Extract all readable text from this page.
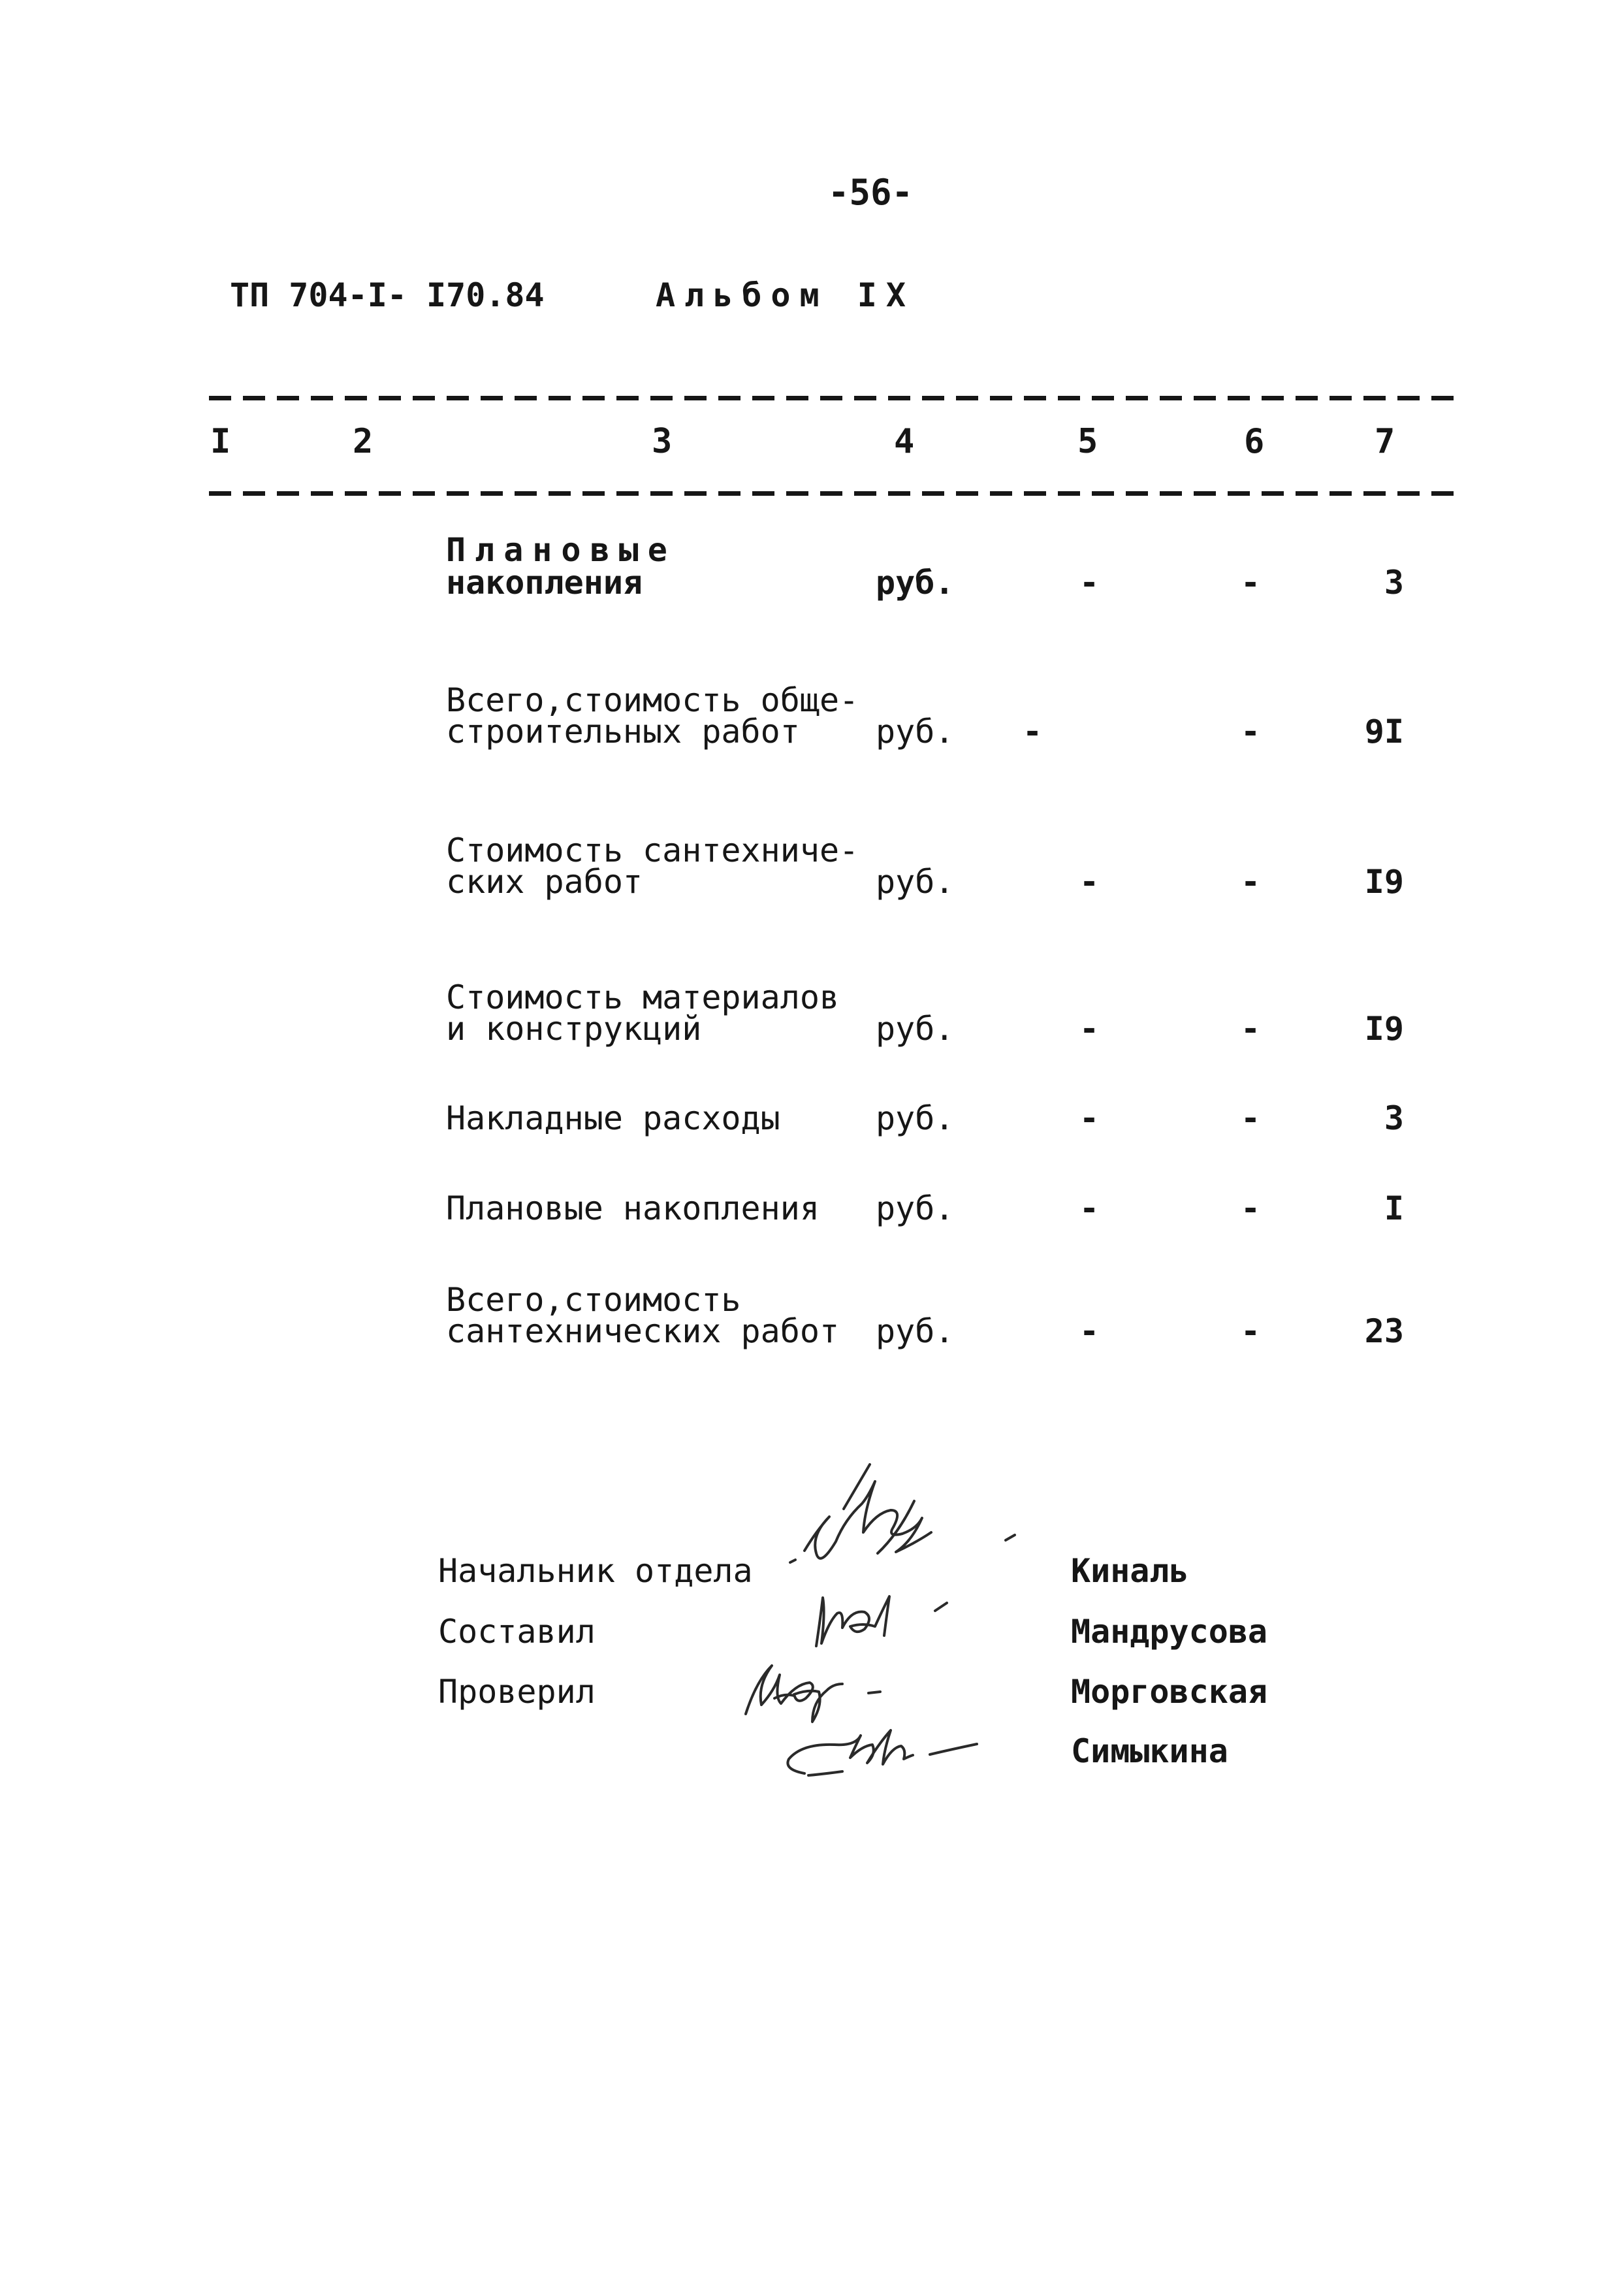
-56-
ТП 704-I- I70.84	Альбом IX
I	2	3	4	5	6	7
Плановые
накопления	руб.	-	-	3
Всего,стоимость обще-
строительных работ руб. -	-	9I
Стоимость сантехниче-
ских работ	руб.	-	-	I9
Стоимость материалов
и конструкций	руб.	-	-	I9
Накладные расходы	руб.	-	-	3
Плановые накопления руб.	-	-	I
Всего,стоимость
сантехнических работ руб.	-	-	23
Начальник отдела	Киналь
Составил	Мандрусова
Проверил	Морговская
Симыкина
